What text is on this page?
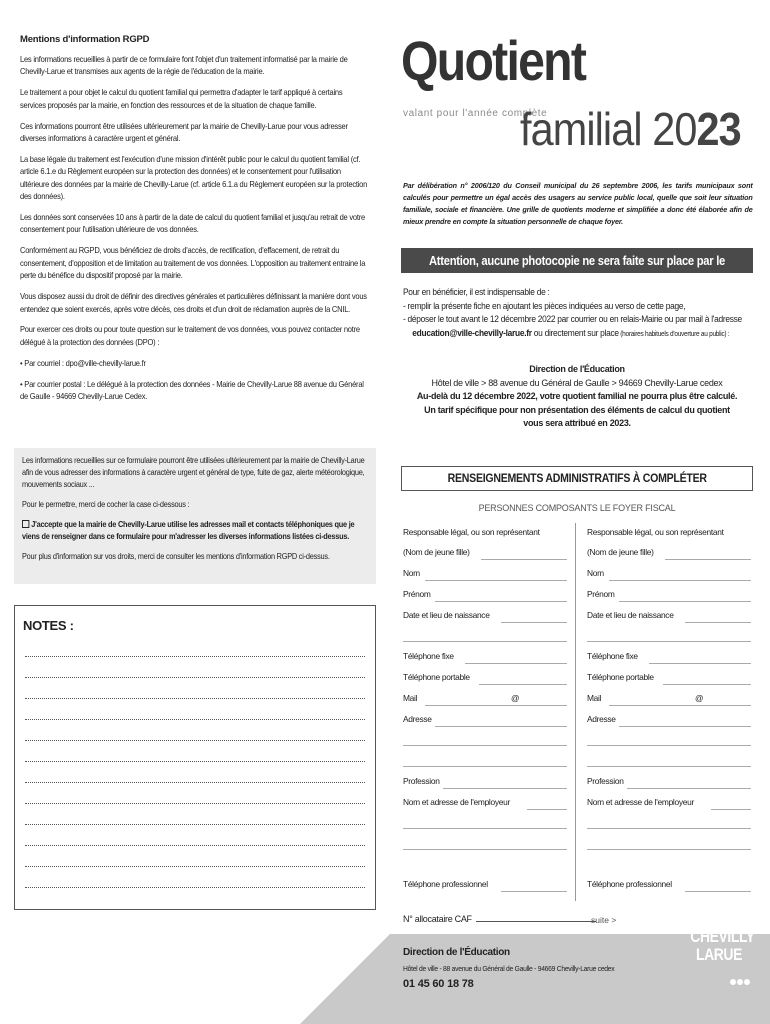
Mentions d'information RGPD

Les informations recueillies à partir de ce formulaire font l'objet d'un traitement informatisé par la mairie de Chevilly-Larue et transmises aux agents de la régie de l'éducation de la mairie.

Le traitement a pour objet le calcul du quotient familial qui permettra d'adapter le tarif appliqué à certains services proposés par la mairie, en fonction des ressources et de la situation de chaque famille.

Ces informations pourront être utilisées ultérieurement par la mairie de Chevilly-Larue pour vous adresser diverses informations à caractère urgent et général.

La base légale du traitement est l'exécution d'une mission d'intérêt public pour le calcul du quotient familial (cf. article 6.1.e du Règlement européen sur la protection des données) et le consentement pour l'utilisation ultérieure des données par la mairie de Chevilly-Larue (cf. article 6.1.a du Règlement européen sur la protection des données).

Les données sont conservées 10 ans à partir de la date de calcul du quotient familial et jusqu'au retrait de votre consentement pour l'utilisation ultérieure de vos données.

Conformément au RGPD, vous bénéficiez de droits d'accès, de rectification, d'effacement, de retrait du consentement, d'opposition et de limitation au traitement de vos données. L'opposition au traitement entraine la perte du bénéfice du dispositif proposé par la mairie.

Vous disposez aussi du droit de définir des directives générales et particulières définissant la manière dont vous entendez que soient exercés, après votre décès, ces droits et d'un droit de réclamation auprès de la CNIL.

Pour exercer ces droits ou pour toute question sur le traitement de vos données, vous pouvez contacter notre délégué à la protection des données (DPO) :

• Par courriel : dpo@ville-chevilly-larue.fr

• Par courrier postal : Le délégué à la protection des données - Mairie de Chevilly-Larue 88 avenue du Général de Gaulle - 94669 Chevilly-Larue Cedex.

Les informations recueillies sur ce formulaire pourront être utilisées ultérieurement par la mairie de Chevilly-Larue afin de vous adresser des informations à caractère urgent et général de type, fuite de gaz, alerte météorologique, mouvements sociaux ...

Pour le permettre, merci de cocher la case ci-dessous :

J'accepte que la mairie de Chevilly-Larue utilise les adresses mail et contacts téléphoniques que je viens de renseigner dans ce formulaire pour m'adresser les diverses informations listées ci-dessus.

Pour plus d'information sur vos droits, merci de consulter les mentions d'information RGPD ci-dessus.

NOTES :
Quotient
valant pour l'année complète
familial 2023
Par délibération n° 2006/120 du Conseil municipal du 26 septembre 2006, les tarifs municipaux sont calculés pour permettre un égal accès des usagers au service public local, quelle que soit leur situation familiale, sociale et financière. Une grille de quotients moderne et simplifiée a donc été élaborée afin de mieux prendre en compte la situation personnelle de chaque foyer.
Attention, aucune photocopie ne sera faite sur place par le service
Pour en bénéficier, il est indispensable de :
- remplir la présente fiche en ajoutant les pièces indiquées au verso de cette page,
- déposer le tout avant le 12 décembre 2022 par courrier ou en relais-Mairie ou par mail à l'adresse
education@ville-chevilly-larue.fr ou directement sur place (horaires habituels d'ouverture au public) :
Direction de l'Éducation
Hôtel de ville > 88 avenue du Général de Gaulle > 94669 Chevilly-Larue cedex
Au-delà du 12 décembre 2022, votre quotient familial ne pourra plus être calculé.
Un tarif spécifique pour non présentation des éléments de calcul du quotient
vous sera attribué en 2023.
RENSEIGNEMENTS ADMINISTRATIFS À COMPLÉTER
PERSONNES COMPOSANTS LE FOYER FISCAL
Responsable légal, ou son représentant
(Nom de jeune fille)
Nom
Prénom
Date et lieu de naissance
Téléphone fixe
Téléphone portable
Mail	@
Adresse
Profession
Nom et adresse de l'employeur
Téléphone professionnel
Responsable légal, ou son représentant
(Nom de jeune fille)
Nom
Prénom
Date et lieu de naissance
Téléphone fixe
Téléphone portable
Mail	@
Adresse
Profession
Nom et adresse de l'employeur
Téléphone professionnel
N° allocataire CAF	suite >
Direction de l'Éducation
Hôtel de ville - 88 avenue du Général de Gaulle - 94669 Chevilly-Larue cedex
01 45 60 18 78
CHEVILLY
LARUE
